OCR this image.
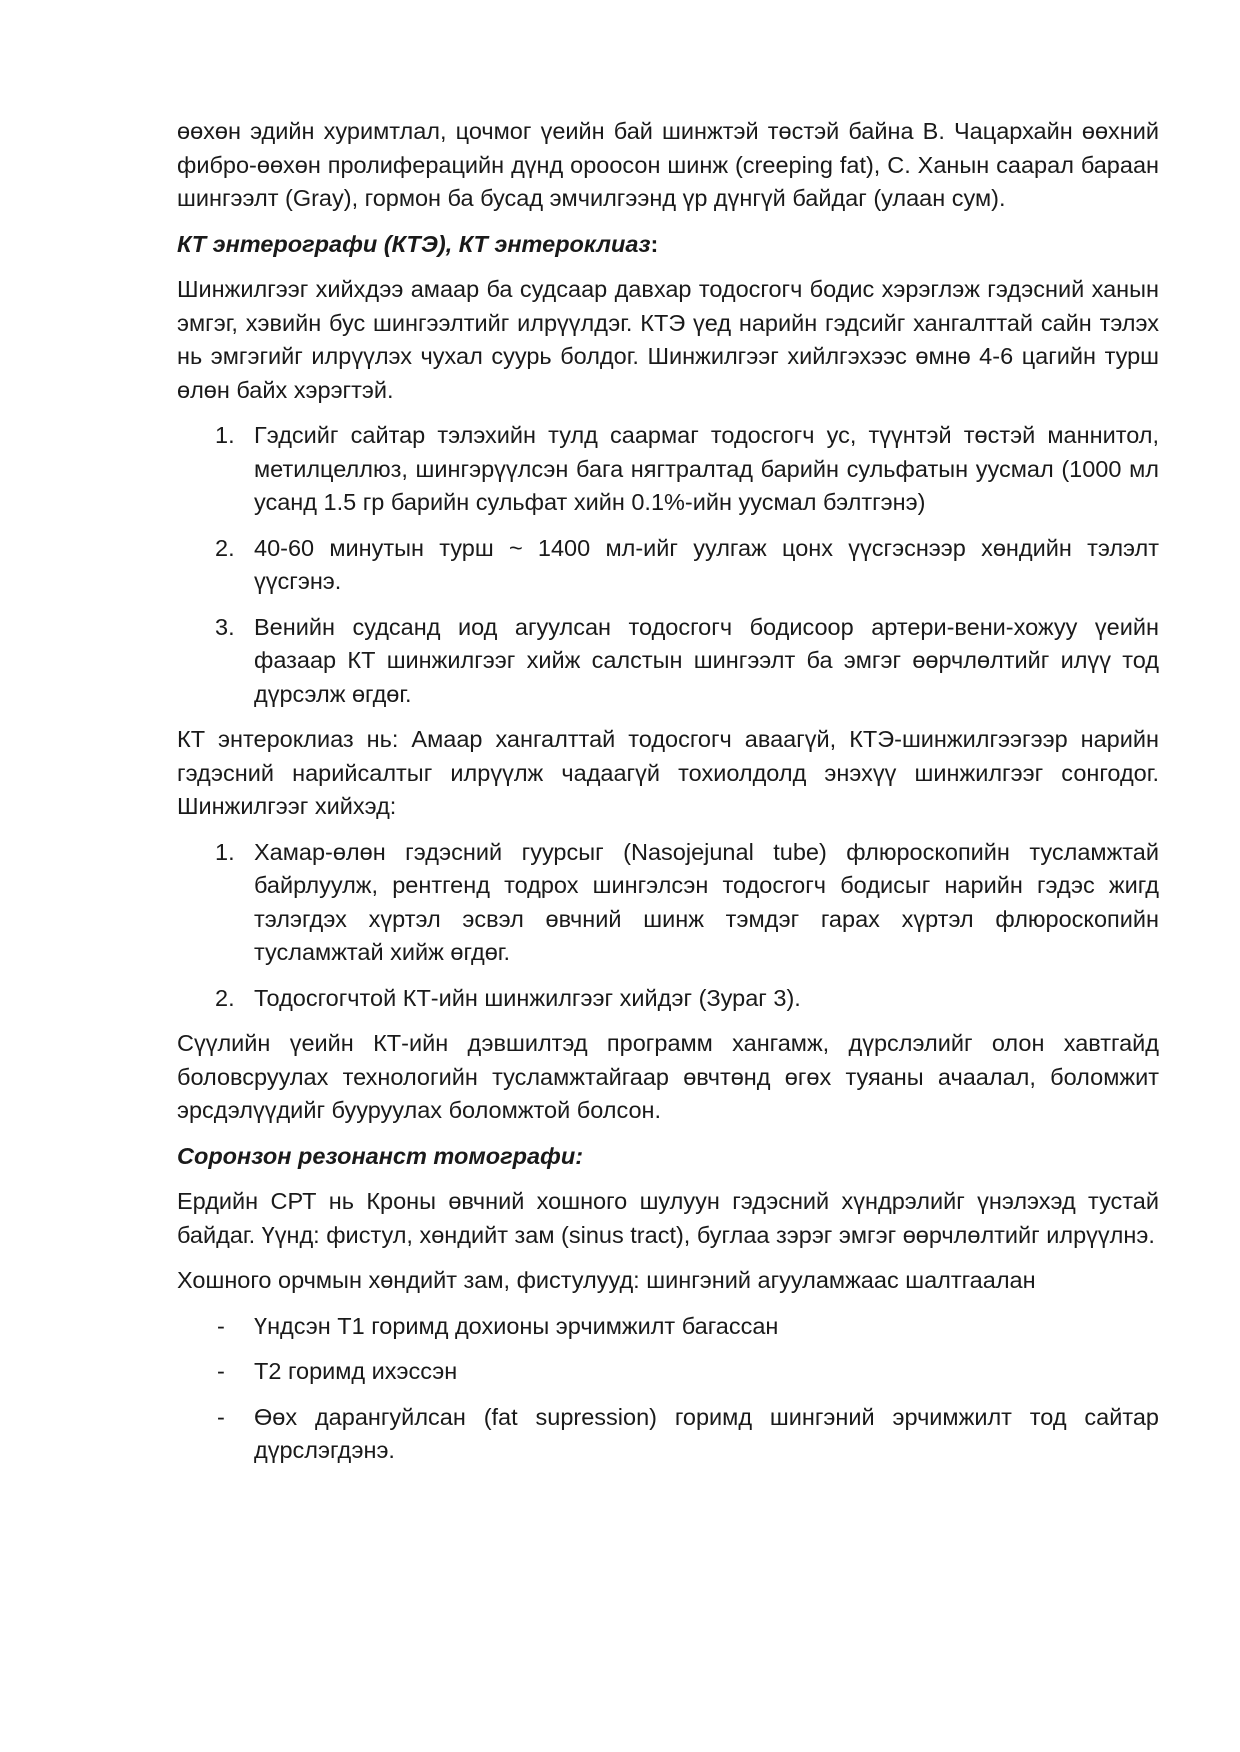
өөхөн эдийн хуримтлал, цочмог үеийн бай шинжтэй төстэй байна B. Чацархайн өөхний фибро-өөхөн пролиферацийн дүнд ороосон шинж (creeping fat), C. Ханын саарал бараан шингээлт (Gray), гормон ба бусад эмчилгээнд үр дүнгүй байдаг (улаан сум).

КТ энтерографи (КТЭ), КТ энтероклиаз:

Шинжилгээг хийхдээ амаар ба судсаар давхар тодосгогч бодис хэрэглэж гэдэсний ханын эмгэг, хэвийн бус шингээлтийг илрүүлдэг. КТЭ үед нарийн гэдсийг хангалттай сайн тэлэх нь эмгэгийг илрүүлэх чухал суурь болдог. Шинжилгээг хийлгэхээс өмнө 4-6 цагийн турш өлөн байх хэрэгтэй.

1. Гэдсийг сайтар тэлэхийн тулд саармаг тодосгогч ус, түүнтэй төстэй маннитол, метилцеллюз, шингэрүүлсэн бага нягтралтад барийн сульфатын уусмал (1000 мл усанд 1.5 гр барийн сульфат хийн 0.1%-ийн уусмал бэлтгэнэ)
2. 40-60 минутын турш ~ 1400 мл-ийг уулгаж цонх үүсгэснээр хөндийн тэлэлт үүсгэнэ.
3. Венийн судсанд иод агуулсан тодосгогч бодисоор артери-вени-хожуу үеийн фазаар КТ шинжилгээг хийж салстын шингээлт ба эмгэг өөрчлөлтийг илүү тод дүрсэлж өгдөг.

КТ энтероклиаз нь: Амаар хангалттай тодосгогч аваагүй, КТЭ-шинжилгээгээр нарийн гэдэсний нарийсалтыг илрүүлж чадаагүй тохиолдолд энэхүү шинжилгээг сонгодог. Шинжилгээг хийхэд:

1. Хамар-өлөн гэдэсний гуурсыг (Nasojejunal tube) флюроскопийн тусламжтай байрлуулж, рентгенд тодрох шингэлсэн тодосгогч бодисыг нарийн гэдэс жигд тэлэгдэх хүртэл эсвэл өвчний шинж тэмдэг гарах хүртэл флюроскопийн тусламжтай хийж өгдөг.
2. Тодосгогчтой КТ-ийн шинжилгээг хийдэг (Зураг 3).

Сүүлийн үеийн КТ-ийн дэвшилтэд программ хангамж, дүрслэлийг олон хавтгайд боловсруулах технологийн тусламжтайгаар өвчтөнд өгөх туяаны ачаалал, боломжит эрсдэлүүдийг бууруулах боломжтой болсон.

Соронзон резонанст томографи:

Ердийн СРТ нь Кроны өвчний хошного шулуун гэдэсний хүндрэлийг үнэлэхэд тустай байдаг. Үүнд: фистул, хөндийт зам (sinus tract), буглаа зэрэг эмгэг өөрчлөлтийг илрүүлнэ.

Хошного орчмын хөндийт зам, фистулууд: шингэний агууламжаас шалтгаалан

- Үндсэн Т1 горимд дохионы эрчимжилт багассан
- Т2 горимд ихэссэн
- Өөх дарангуйлсан (fat supression) горимд шингэний эрчимжилт тод сайтар дүрслэгдэнэ.
